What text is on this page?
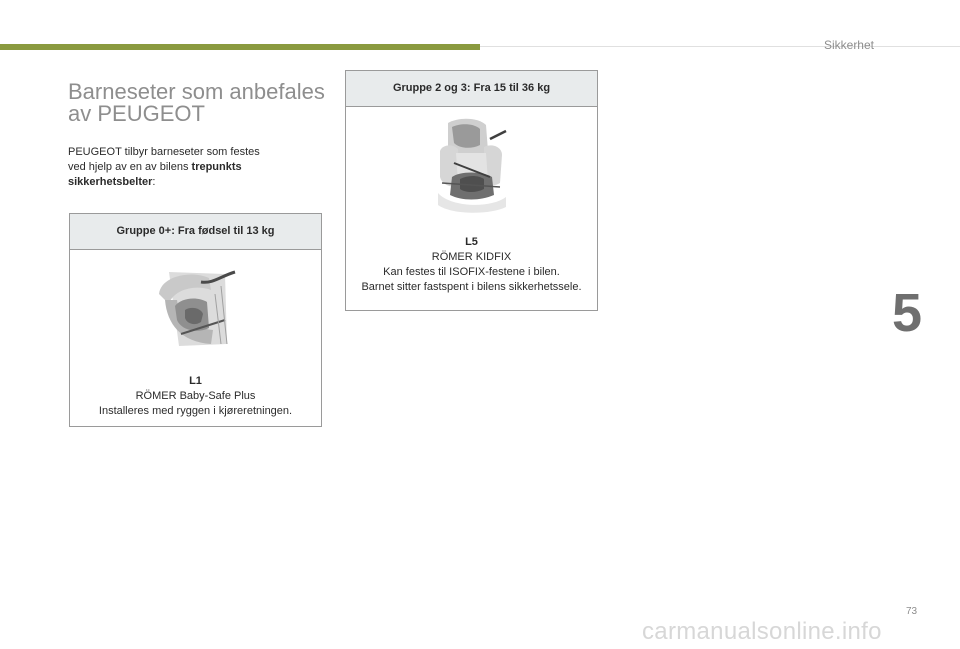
Sikkerhet
5
73
Barneseter som anbefales
av PEUGEOT
PEUGEOT tilbyr barneseter som festes
ved hjelp av en av bilens trepunkts
sikkerhetsbelter:
Gruppe 0+: Fra fødsel til 13 kg
L1
RÖMER Baby-Safe Plus
Installeres med ryggen i kjøreretningen.
Gruppe 2 og 3: Fra 15 til 36 kg
L5
RÖMER KIDFIX
Kan festes til ISOFIX-festene i bilen.
Barnet sitter fastspent i bilens sikkerhetssele.
carmanualsonline.info
